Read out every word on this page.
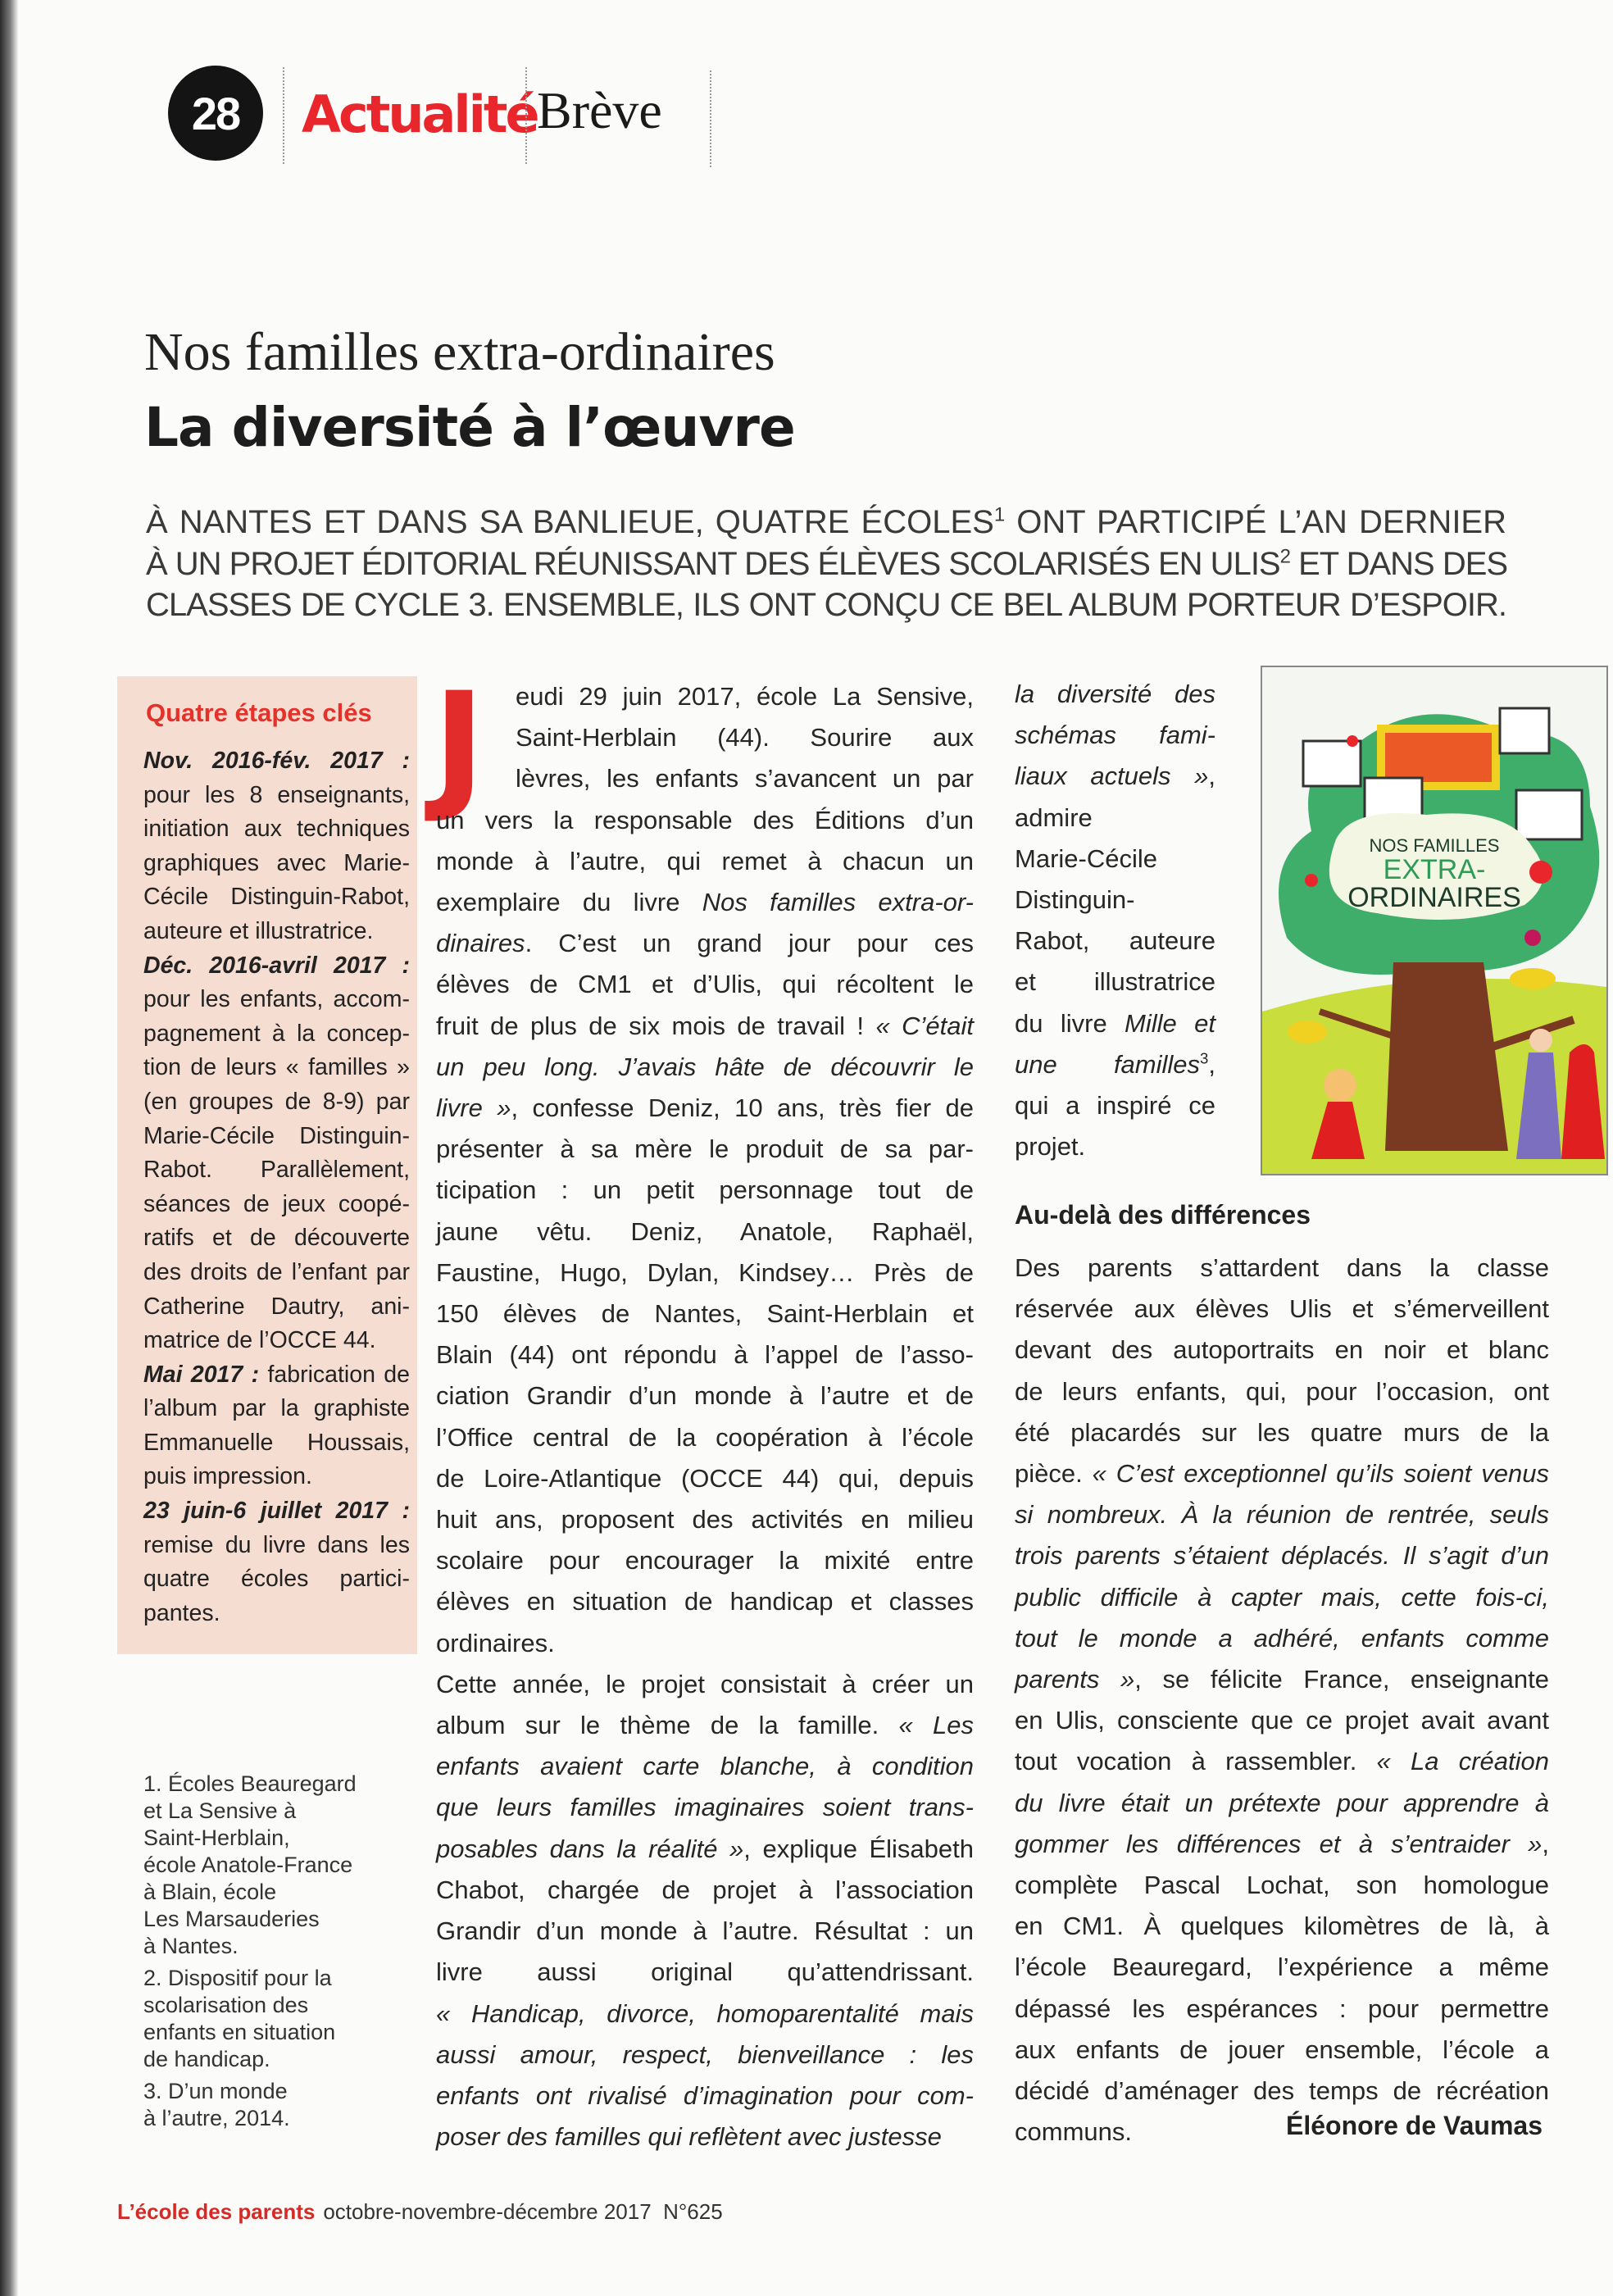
28 Actualité Brève
Nos familles extra-ordinaires
La diversité à l’œuvre
À NANTES ET DANS SA BANLIEUE, QUATRE ÉCOLES$^1$ ONT PARTICIPÉ L’AN DERNIER
À UN PROJET ÉDITORIAL RÉUNISSANT DES ÉLÈVES SCOLARISÉS EN ULIS$^2$ ET DANS DES
CLASSES DE CYCLE 3. ENSEMBLE, ILS ONT CONÇU CE BEL ALBUM PORTEUR D’ESPOIR.
Quatre étapes clés
Nov. 2016-fév. 2017 :
pour les 8 enseignants,
initiation aux techniques
graphiques avec Marie-
Cécile Distinguin-Rabot,
auteure et illustratrice.
Déc. 2016-avril 2017 :
pour les enfants, accom-
pagnement à la concep-
tion de leurs « familles »
(en groupes de 8-9) par
Marie-Cécile Distinguin-
Rabot. Parallèlement,
séances de jeux coopé-
ratifs et de découverte
des droits de l’enfant par
Catherine Dautry, ani-
matrice de l’OCCE 44.
Mai 2017 : fabrication de
l’album par la graphiste
Emmanuelle Houssais,
puis impression.
23 juin-6 juillet 2017 :
remise du livre dans les
quatre écoles partici-
pantes.
1. Écoles Beauregard
et La Sensive à
Saint-Herblain,
école Anatole-France
à Blain, école
Les Marsauderies
à Nantes.
2. Dispositif pour la
scolarisation des
enfants en situation
de handicap.
3. D’un monde
à l’autre, 2014.
J	eudi 29 juin 2017, école La Sensive,
Saint-Herblain (44). Sourire aux
lèvres, les enfants s’avancent un par
un vers la responsable des Éditions d’un
monde à l’autre, qui remet à chacun un
exemplaire du livre Nos familles extra-or-
dinaires. C’est un grand jour pour ces
élèves de CM1 et d’Ulis, qui récoltent le
fruit de plus de six mois de travail ! « C’était
un peu long. J’avais hâte de découvrir le
livre », confesse Deniz, 10 ans, très fier de
présenter à sa mère le produit de sa par-
ticipation : un petit personnage tout de
jaune vêtu. Deniz, Anatole, Raphaël,
Faustine, Hugo, Dylan, Kindsey… Près de
150 élèves de Nantes, Saint-Herblain et
Blain (44) ont répondu à l’appel de l’asso-
ciation Grandir d’un monde à l’autre et de
l’Office central de la coopération à l’école
de Loire-Atlantique (OCCE 44) qui, depuis
huit ans, proposent des activités en milieu
scolaire pour encourager la mixité entre
élèves en situation de handicap et classes
ordinaires.
Cette année, le projet consistait à créer un
album sur le thème de la famille. « Les
enfants avaient carte blanche, à condition
que leurs familles imaginaires soient trans-
posables dans la réalité », explique Élisabeth
Chabot, chargée de projet à l’association
Grandir d’un monde à l’autre. Résultat : un
livre aussi original qu’attendrissant.
« Handicap, divorce, homoparentalité mais
aussi amour, respect, bienveillance : les
enfants ont rivalisé d’imagination pour com-
poser des familles qui reflètent avec justesse
la diversité des
schémas fami-
liaux actuels »,
admire
Marie-Cécile
Distinguin-
Rabot, auteure
et illustratrice
du livre Mille et
une familles$^3$,
qui a inspiré ce
projet.
Au-delà des différences
Des parents s’attardent dans la classe
réservée aux élèves Ulis et s’émerveillent
devant des autoportraits en noir et blanc
de leurs enfants, qui, pour l’occasion, ont
été placardés sur les quatre murs de la
pièce. « C’est exceptionnel qu’ils soient venus
si nombreux. À la réunion de rentrée, seuls
trois parents s’étaient déplacés. Il s’agit d’un
public difficile à capter mais, cette fois-ci,
tout le monde a adhéré, enfants comme
parents », se félicite France, enseignante
en Ulis, consciente que ce projet avait avant
tout vocation à rassembler. « La création
du livre était un prétexte pour apprendre à
gommer les différences et à s’entraider »,
complète Pascal Lochat, son homologue
en CM1. À quelques kilomètres de là, à
l’école Beauregard, l’expérience a même
dépassé les espérances : pour permettre
aux enfants de jouer ensemble, l’école a
décidé d’aménager des temps de récréation
communs.	Éléonore de Vaumas
NOS FAMILLES
EXTRA-
ORDINAIRES
L’école des parents octobre-novembre-décembre 2017  N°625
